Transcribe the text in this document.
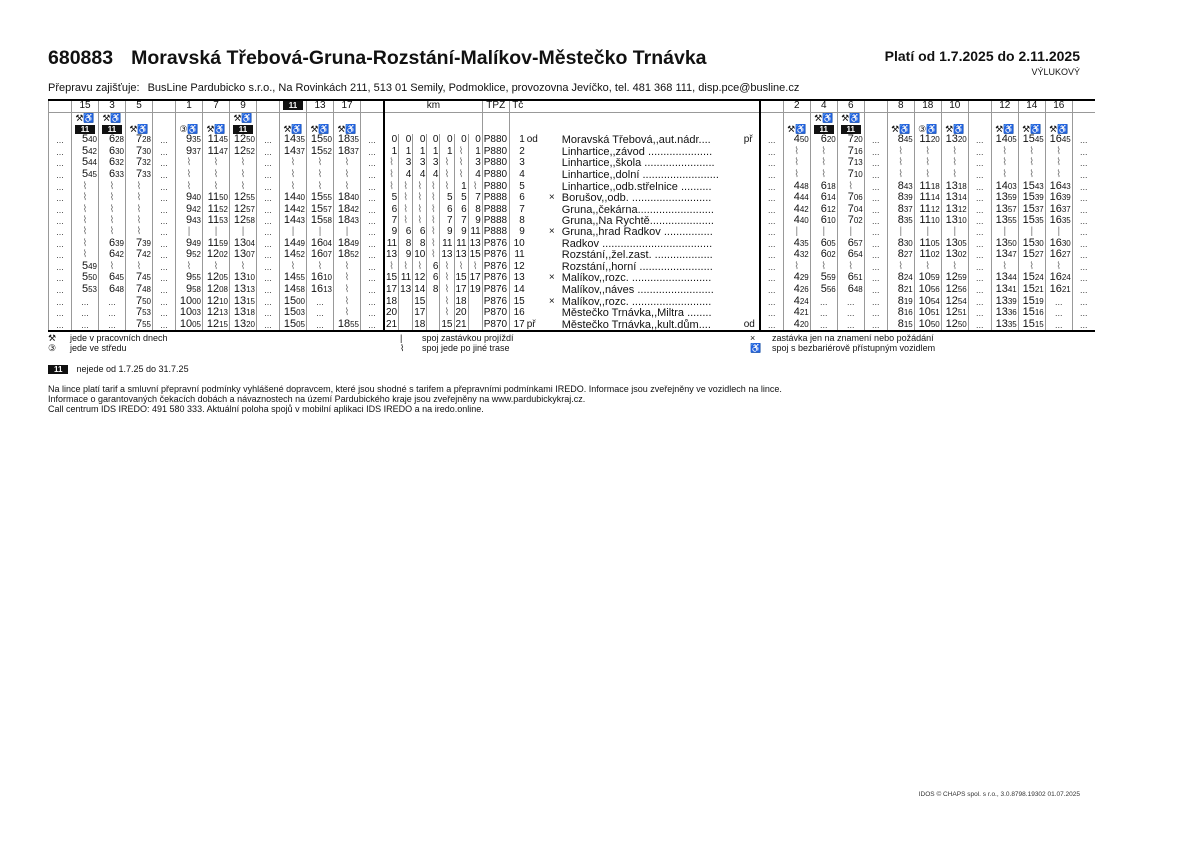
680883 Moravská Třebová-Gruna-Rozstání-Malíkov-Městečko Trnávka	Platí od 1.7.2025 do 2.11.2025
VÝLUKOVÝ
Přepravu zajišťuje: BusLine Pardubicko s.r.o., Na Rovinkách 211, 513 01 Semily, Podmoklice, provozovna Jevíčko, tel. 481 368 111, disp.pce@busline.cz
	15	3	5		1	7	9		11	13	17		km							TPZ	Tč						2	4	6		8	18	10		12	14	16	
	⚒♿	⚒♿					⚒♿																					⚒♿	⚒♿									
	11	11	⚒♿		③♿	⚒♿	11		⚒♿	⚒♿	⚒♿																⚒♿	11	11		⚒♿	③♿	⚒♿		⚒♿	⚒♿	⚒♿	
...	540	628	728	...	935	1145	1250	...	1435	1550	1835	...	0	0	0	0	0	0	0	P880	1	od		Moravská Třebová,,aut.nádr....	př	...	450	620	720	...	845	1120	1320	...	1405	1545	1645	...
...	542	630	730	...	937	1147	1252	...	1437	1552	1837	...	1	1	1	1	1	⌇	1	P880	2			Linhartice,,závod .....................		...	⌇	⌇	716	...	⌇	⌇	⌇	...	⌇	⌇	⌇	...
...	544	632	732	...	⌇	⌇	⌇	...	⌇	⌇	⌇	...	⌇	3	3	3	⌇	⌇	3	P880	3			Linhartice,,škola .......................		...	⌇	⌇	713	...	⌇	⌇	⌇	...	⌇	⌇	⌇	...
...	545	633	733	...	⌇	⌇	⌇	...	⌇	⌇	⌇	...	⌇	4	4	4	⌇	⌇	4	P880	4			Linhartice,,dolní .........................		...	⌇	⌇	710	...	⌇	⌇	⌇	...	⌇	⌇	⌇	...
...	⌇	⌇	⌇	...	⌇	⌇	⌇	...	⌇	⌇	⌇	...	⌇	⌇	⌇	⌇	⌇	1	⌇	P880	5			Linhartice,,odb.střelnice ..........		...	448	618	⌇	...	843	1118	1318	...	1403	1543	1643	...
...	⌇	⌇	⌇	...	940	1150	1255	...	1440	1555	1840	...	5	⌇	⌇	⌇	5	5	7	P888	6		×	Borušov,,odb. ..........................		...	444	614	706	...	839	1114	1314	...	1359	1539	1639	...
...	⌇	⌇	⌇	...	942	1152	1257	...	1442	1557	1842	...	6	⌇	⌇	⌇	6	6	8	P888	7			Gruna,,čekárna.........................		...	442	612	704	...	837	1112	1312	...	1357	1537	1637	...
...	⌇	⌇	⌇	...	943	1153	1258	...	1443	1558	1843	...	7	⌇	⌇	⌇	7	7	9	P888	8			Gruna,,Na Rychtě.....................		...	440	610	702	...	835	1110	1310	...	1355	1535	1635	...
...	⌇	⌇	⌇	...	|	|	|	...	|	|	|	...	9	6	6	⌇	9	9	11	P888	9		×	Gruna,,hrad Radkov ................		...	|	|	|	...	|	|	|	...	|	|	|	...
...	⌇	639	739	...	949	1159	1304	...	1449	1604	1849	...	11	8	8	⌇	11	11	13	P876	10			Radkov ....................................		...	435	605	657	...	830	1105	1305	...	1350	1530	1630	...
...	⌇	642	742	...	952	1202	1307	...	1452	1607	1852	...	13	9	10	⌇	13	13	15	P876	11			Rozstání,,žel.zast. ...................		...	432	602	654	...	827	1102	1302	...	1347	1527	1627	...
...	549	⌇	⌇	...	⌇	⌇	⌇	...	⌇	⌇	⌇	...	⌇	⌇	⌇	6	⌇	⌇	⌇	P876	12			Rozstání,,horní ........................		...	⌇	⌇	⌇	...	⌇	⌇	⌇	...	⌇	⌇	⌇	...
...	550	645	745	...	955	1205	1310	...	1455	1610	⌇	...	15	11	12	6	⌇	15	17	P876	13		×	Malíkov,,rozc. ..........................		...	429	559	651	...	824	1059	1259	...	1344	1524	1624	...
...	553	648	748	...	958	1208	1313	...	1458	1613	⌇	...	17	13	14	8	⌇	17	19	P876	14			Malíkov,,náves .........................		...	426	556	648	...	821	1056	1256	...	1341	1521	1621	...
...	...	...	750	...	1000	1210	1315	...	1500	...	⌇	...	18		15		⌇	18		P876	15		×	Malíkov,,rozc. ..........................		...	424	...	...	...	819	1054	1254	...	1339	1519	...	...
...	...	...	753	...	1003	1213	1318	...	1503	...	⌇	...	20		17		⌇	20		P870	16			Městečko Trnávka,,Miltra ........		...	421	...	...	...	816	1051	1251	...	1336	1516	...	...
...	...	...	755	...	1005	1215	1320	...	1505	...	1855	...	21		18		15	21		P870	17	př		Městečko Trnávka,,kult.dům....	od	...	420	...	...	...	815	1050	1250	...	1335	1515	...	...
⚒ jede v pracovních dnech
③ jede ve středu
| spoj zastávkou projíždí
⌇ spoj jede po jiné trase
× zastávka jen na znamení nebo požádání
♿ spoj s bezbariérově přístupným vozidlem
11 nejede od 1.7.25 do 31.7.25
Na lince platí tarif a smluvní přepravní podmínky vyhlášené dopravcem, které jsou shodné s tarifem a přepravními podmínkami IREDO. Informace jsou zveřejněny ve vozidlech na lince.
Informace o garantovaných čekacích dobách a návaznostech na území Pardubického kraje jsou zveřejněny na www.pardubickykraj.cz.
Call centrum IDS IREDO: 491 580 333. Aktuální poloha spojů v mobilní aplikaci IDS IREDO a na iredo.online.
IDOS © CHAPS spol. s r.o., 3.0.8798.19302 01.07.2025
